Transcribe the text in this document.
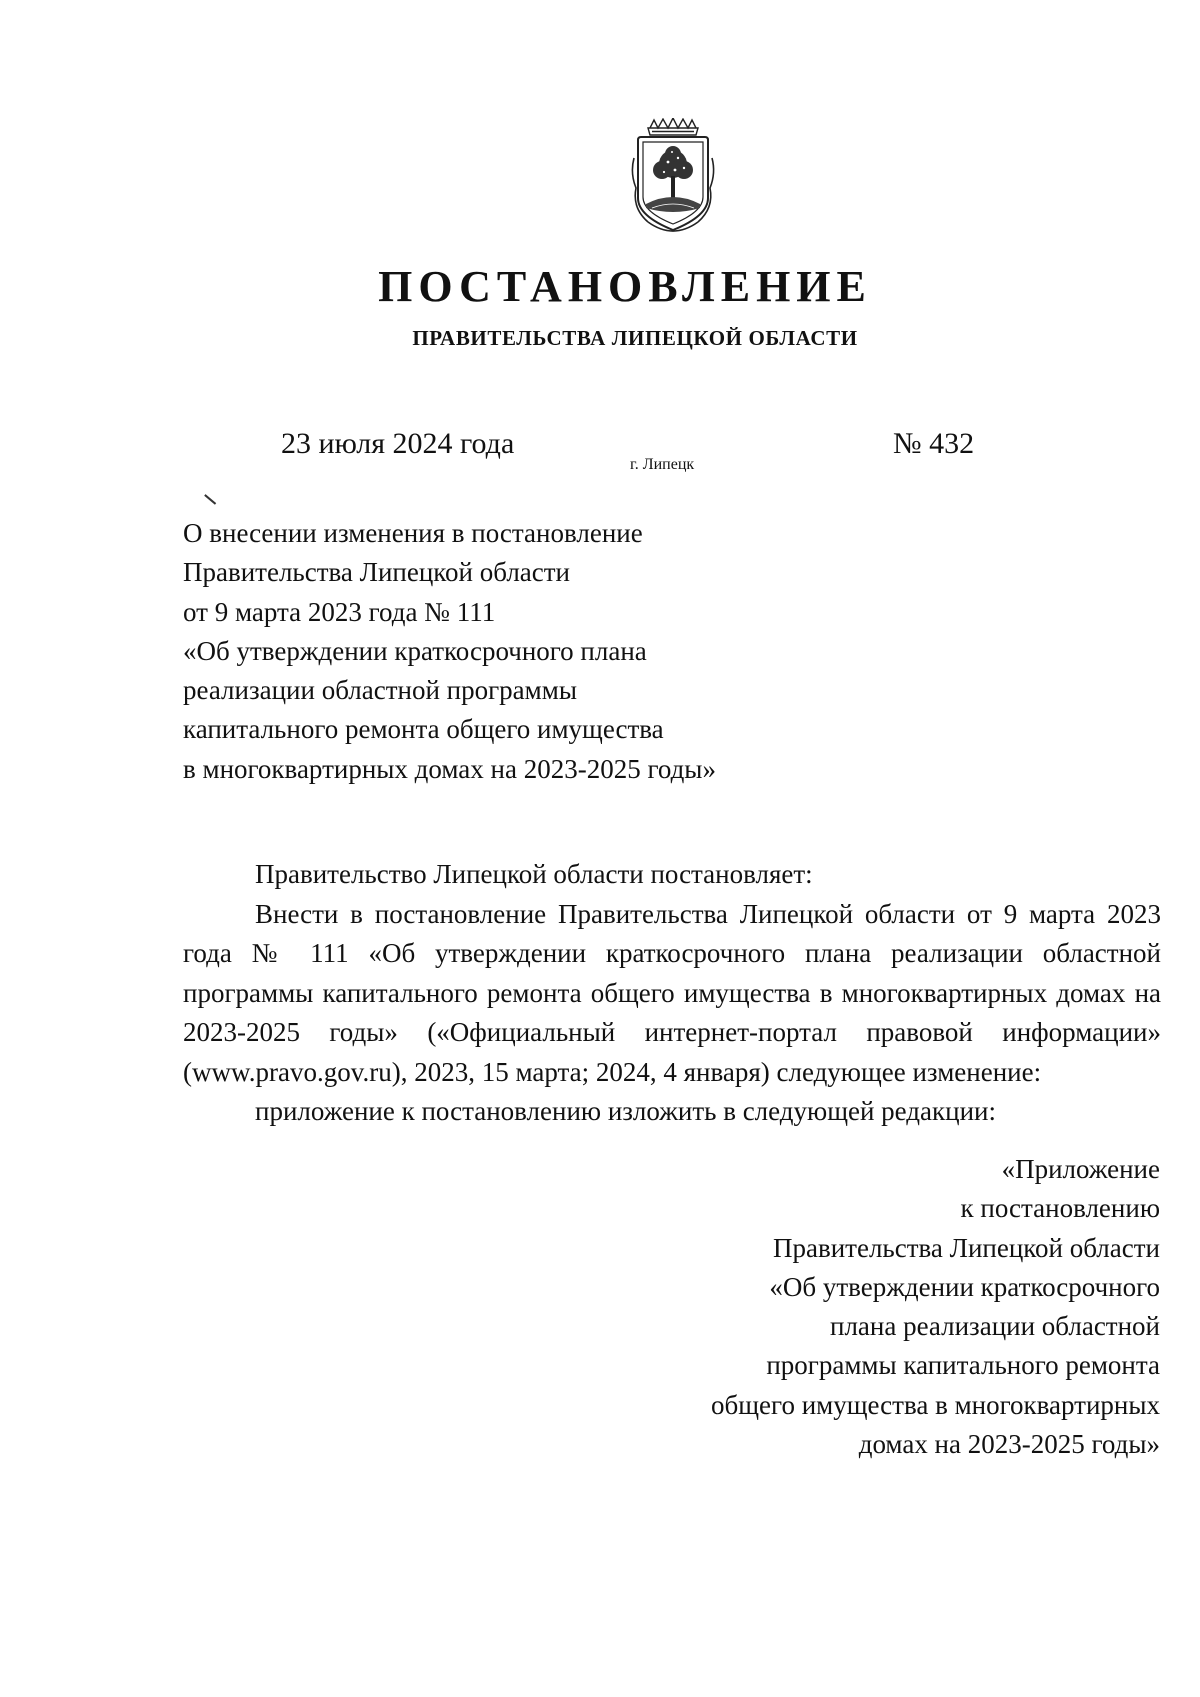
ПОСТАНОВЛЕНИЕ
ПРАВИТЕЛЬСТВА ЛИПЕЦКОЙ ОБЛАСТИ
23 июля 2024 года
г. Липецк
№ 432
О внесении изменения в постановление
Правительства Липецкой области
от 9 марта 2023 года № 111
«Об утверждении краткосрочного плана
реализации областной программы
капитального ремонта общего имущества
в многоквартирных домах на 2023-2025 годы»

Правительство Липецкой области постановляет:

Внести в постановление Правительства Липецкой области от 9 марта 2023 года № 111 «Об утверждении краткосрочного плана реализации областной программы капитального ремонта общего имущества в многоквартирных домах на 2023-2025 годы» («Официальный интернет-портал правовой информации» (www.pravo.gov.ru), 2023, 15 марта; 2024, 4 января) следующее изменение:

приложение к постановлению изложить в следующей редакции:

«Приложение
к постановлению
Правительства Липецкой области
«Об утверждении краткосрочного
плана реализации областной
программы капитального ремонта
общего имущества в многоквартирных
домах на 2023-2025 годы»
